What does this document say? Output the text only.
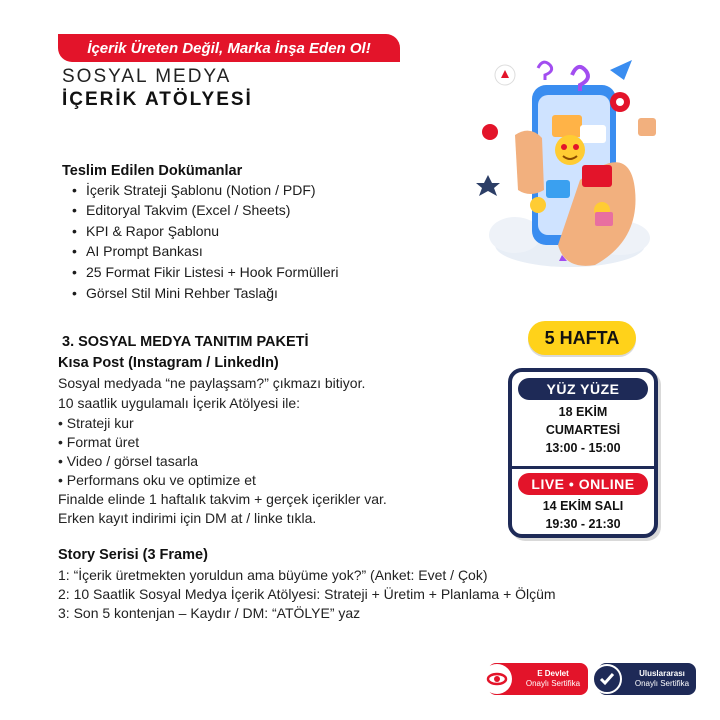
İçerik Üreten Değil, Marka İnşa Eden Ol!
SOSYAL MEDYA
İÇERİK ATÖLYESİ
Teslim Edilen Dokümanlar
• İçerik Strateji Şablonu (Notion / PDF)
• Editoryal Takvim (Excel / Sheets)
• KPI & Rapor Şablonu
• AI Prompt Bankası
• 25 Format Fikir Listesi + Hook Formülleri
• Görsel Stil Mini Rehber Taslağı
3. SOSYAL MEDYA TANITIM PAKETİ
Kısa Post (Instagram / LinkedIn)
Sosyal medyada “ne paylaşsam?” çıkmazı bitiyor.
10 saatlik uygulamalı İçerik Atölyesi ile:
• Strateji kur
• Format üret
• Video / görsel tasarla
• Performans oku ve optimize et
Finalde elinde 1 haftalık takvim + gerçek içerikler var.
Erken kayıt indirimi için DM at / linke tıkla.
Story Serisi (3 Frame)
1: “İçerik üretmekten yoruldun ama büyüme yok?” (Anket: Evet / Çok)
2: 10 Saatlik Sosyal Medya İçerik Atölyesi: Strateji + Üretim + Planlama + Ölçüm
3: Son 5 kontenjan – Kaydır / DM: “ATÖLYE” yaz
5 HAFTA
YÜZ YÜZE
18 EKİM
CUMARTESİ
13:00 - 15:00
LIVE • ONLINE
14 EKİM SALI
19:30 - 21:30
E Devlet
Onaylı Sertifika
Uluslararası
Onaylı Sertifika
